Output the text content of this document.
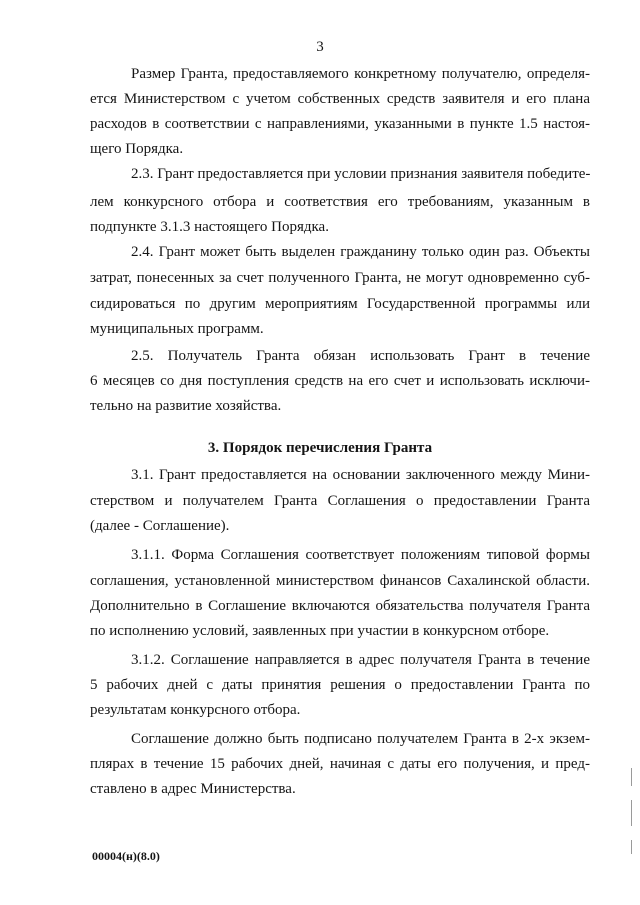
3
Размер Гранта, предоставляемого конкретному получателю, определя-
ется Министерством с учетом собственных средств заявителя и его плана
расходов в соответствии с направлениями, указанными в пункте 1.5 настоя-
щего Порядка.
2.3. Грант предоставляется при условии признания заявителя победите-
лем конкурсного отбора и соответствия его требованиям, указанным в
подпункте 3.1.3 настоящего Порядка.
2.4. Грант может быть выделен гражданину только один раз. Объекты
затрат, понесенных за счет полученного Гранта, не могут одновременно суб-
сидироваться по другим мероприятиям Государственной программы или
муниципальных программ.
2.5. Получатель Гранта обязан использовать Грант в течение
6 месяцев со дня поступления средств на его счет и использовать исключи-
тельно на развитие хозяйства.
3. Порядок перечисления Гранта
3.1. Грант предоставляется на основании заключенного между Мини-
стерством и получателем Гранта Соглашения о предоставлении Гранта
(далее - Соглашение).
3.1.1. Форма Соглашения соответствует положениям типовой формы
соглашения, установленной министерством финансов Сахалинской области.
Дополнительно в Соглашение включаются обязательства получателя Гранта
по исполнению условий, заявленных при участии в конкурсном отборе.
3.1.2. Соглашение направляется в адрес получателя Гранта в течение
5 рабочих дней с даты принятия решения о предоставлении Гранта по
результатам конкурсного отбора.
Соглашение должно быть подписано получателем Гранта в 2-х экзем-
плярах в течение 15 рабочих дней, начиная с даты его получения, и пред-
ставлено в адрес Министерства.
00004(н)(8.0)
